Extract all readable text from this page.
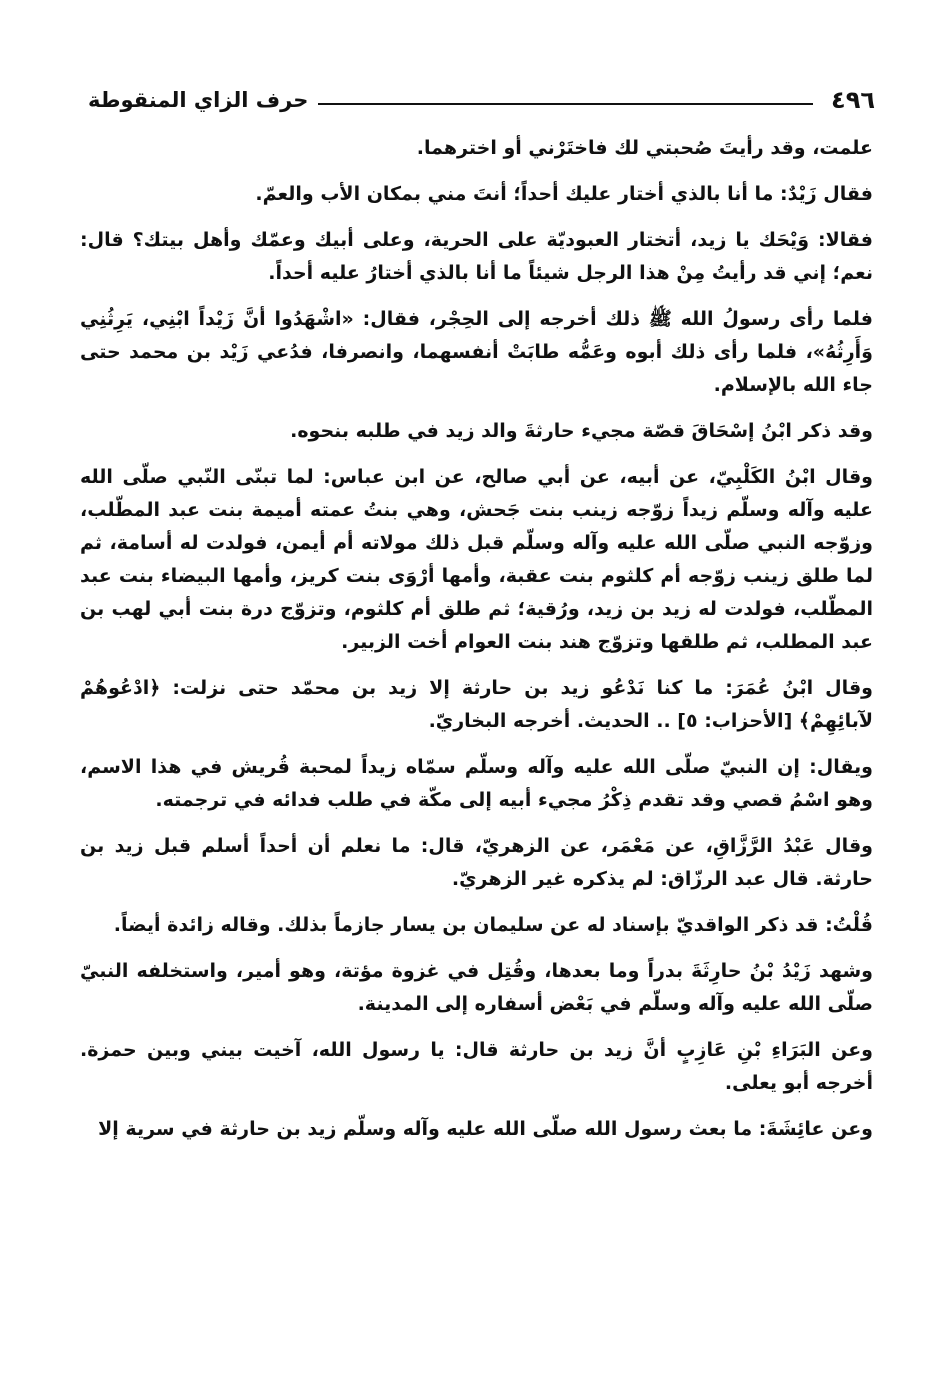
٤٩٦
حرف الزاي المنقوطة

علمت، وقد رأيتَ صُحبتي لك فاختَرْني أو اخترهما.

فقال زَيْدٌ: ما أنا بالذي أختار عليك أحداً؛ أنتَ مني بمكان الأب والعمّ.

فقالا: وَيْحَك يا زيد، أتختار العبوديّة على الحرية، وعلى أبيك وعمّك وأهل بيتك؟ قال: نعم؛ إني قد رأيتُ مِنْ هذا الرجل شيئاً ما أنا بالذي أختارُ عليه أحداً.

فلما رأى رسولُ الله ﷺ ذلك أخرجه إلى الحِجْر، فقال: «اشْهَدُوا أنَّ زَيْداً ابْنِي، يَرِثُنِي وَأَرِثُهُ»، فلما رأى ذلك أبوه وعَمُّه طابَتْ أنفسهما، وانصرفا، فدُعي زَيْد بن محمد حتى جاء الله بالإسلام.

وقد ذكر ابْنُ إسْحَاقَ قصّة مجيء حارثةَ والد زيد في طلبه بنحوه.

وقال ابْنُ الكَلْبِيّ، عن أبيه، عن أبي صالح، عن ابن عباس: لما تبنّى النّبي صلّى الله عليه وآله وسلّم زيداً زوّجه زينب بنت جَحش، وهي بنتُ عمته أميمة بنت عبد المطّلب، وزوّجه النبي صلّى الله عليه وآله وسلّم قبل ذلك مولاته أم أيمن، فولدت له أسامة، ثم لما طلق زينب زوّجه أم كلثوم بنت عقبة، وأمها أرْوَى بنت كريز، وأمها البيضاء بنت عبد المطّلب، فولدت له زيد بن زيد، ورُقية؛ ثم طلق أم كلثوم، وتزوّج درة بنت أبي لهب بن عبد المطلب، ثم طلقها وتزوّج هند بنت العوام أخت الزبير.

وقال ابْنُ عُمَرَ: ما كنا نَدْعُو زيد بن حارثة إلا زيد بن محمّد حتى نزلت: ﴿ادْعُوهُمْ لآبائِهِمْ﴾ [الأحزاب: ٥] .. الحديث. أخرجه البخاريّ.

ويقال: إن النبيّ صلّى الله عليه وآله وسلّم سمّاه زيداً لمحبة قُريش في هذا الاسم، وهو اسْمُ قصي وقد تقدم ذِكْرُ مجيء أبيه إلى مكّة في طلب فدائه في ترجمته.

وقال عَبْدُ الرَّزَّاقِ، عن مَعْمَر، عن الزهريّ، قال: ما نعلم أن أحداً أسلم قبل زيد بن حارثة. قال عبد الرزّاق: لم يذكره غير الزهريّ.

قُلْتُ: قد ذكر الواقديّ بإسناد له عن سليمان بن يسار جازماً بذلك. وقاله زائدة أيضاً.

وشهد زَيْدُ بْنُ حارِثَةَ بدراً وما بعدها، وقُتِل في غزوة مؤتة، وهو أمير، واستخلفه النبيّ صلّى الله عليه وآله وسلّم في بَعْض أسفاره إلى المدينة.

وعن البَرَاءِ بْنِ عَازِبٍ أنَّ زيد بن حارثة قال: يا رسول الله، آخيت بيني وبين حمزة. أخرجه أبو يعلى.

وعن عائِشَةَ: ما بعث رسول الله صلّى الله عليه وآله وسلّم زيد بن حارثة في سرية إلا
